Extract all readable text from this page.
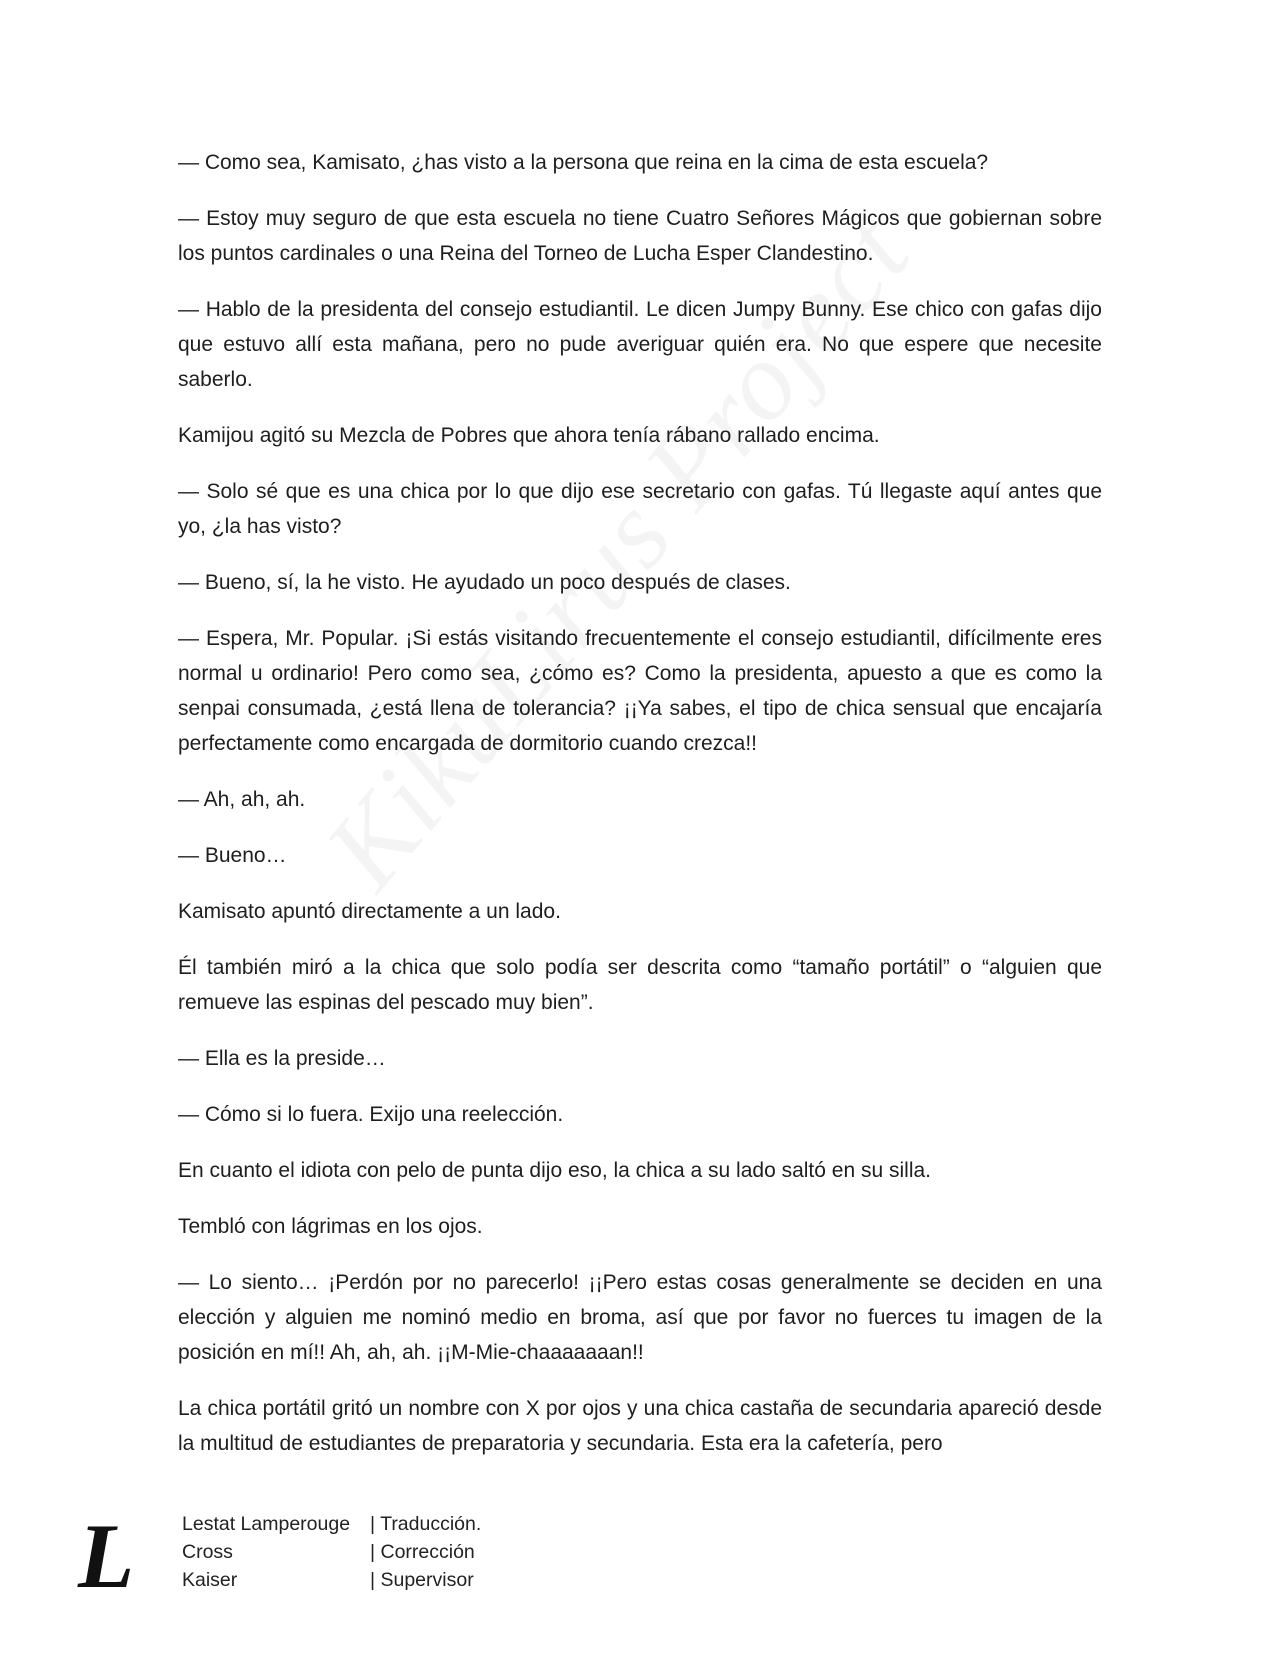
— Como sea, Kamisato, ¿has visto a la persona que reina en la cima de esta escuela?

— Estoy muy seguro de que esta escuela no tiene Cuatro Señores Mágicos que gobiernan sobre los puntos cardinales o una Reina del Torneo de Lucha Esper Clandestino.

— Hablo de la presidenta del consejo estudiantil. Le dicen Jumpy Bunny. Ese chico con gafas dijo que estuvo allí esta mañana, pero no pude averiguar quién era. No que espere que necesite saberlo.

Kamijou agitó su Mezcla de Pobres que ahora tenía rábano rallado encima.

— Solo sé que es una chica por lo que dijo ese secretario con gafas. Tú llegaste aquí antes que yo, ¿la has visto?

— Bueno, sí, la he visto. He ayudado un poco después de clases.

— Espera, Mr. Popular. ¡Si estás visitando frecuentemente el consejo estudiantil, difícilmente eres normal u ordinario! Pero como sea, ¿cómo es? Como la presidenta, apuesto a que es como la senpai consumada, ¿está llena de tolerancia? ¡¡Ya sabes, el tipo de chica sensual que encajaría perfectamente como encargada de dormitorio cuando crezca!!

— Ah, ah, ah.

— Bueno…

Kamisato apuntó directamente a un lado.

Él también miró a la chica que solo podía ser descrita como “tamaño portátil” o “alguien que remueve las espinas del pescado muy bien”.

— Ella es la preside…

— Cómo si lo fuera. Exijo una reelección.

En cuanto el idiota con pelo de punta dijo eso, la chica a su lado saltó en su silla.

Tembló con lágrimas en los ojos.

— Lo siento… ¡Perdón por no parecerlo! ¡¡Pero estas cosas generalmente se deciden en una elección y alguien me nominó medio en broma, así que por favor no fuerces tu imagen de la posición en mí!! Ah, ah, ah. ¡¡M-Mie-chaaaaaaan!!

La chica portátil gritó un nombre con X por ojos y una chica castaña de secundaria apareció desde la multitud de estudiantes de preparatoria y secundaria. Esta era la cafetería, pero

L Lestat Lamperouge	| Traducción.
Cross	| Corrección
Kaiser	| Supervisor
